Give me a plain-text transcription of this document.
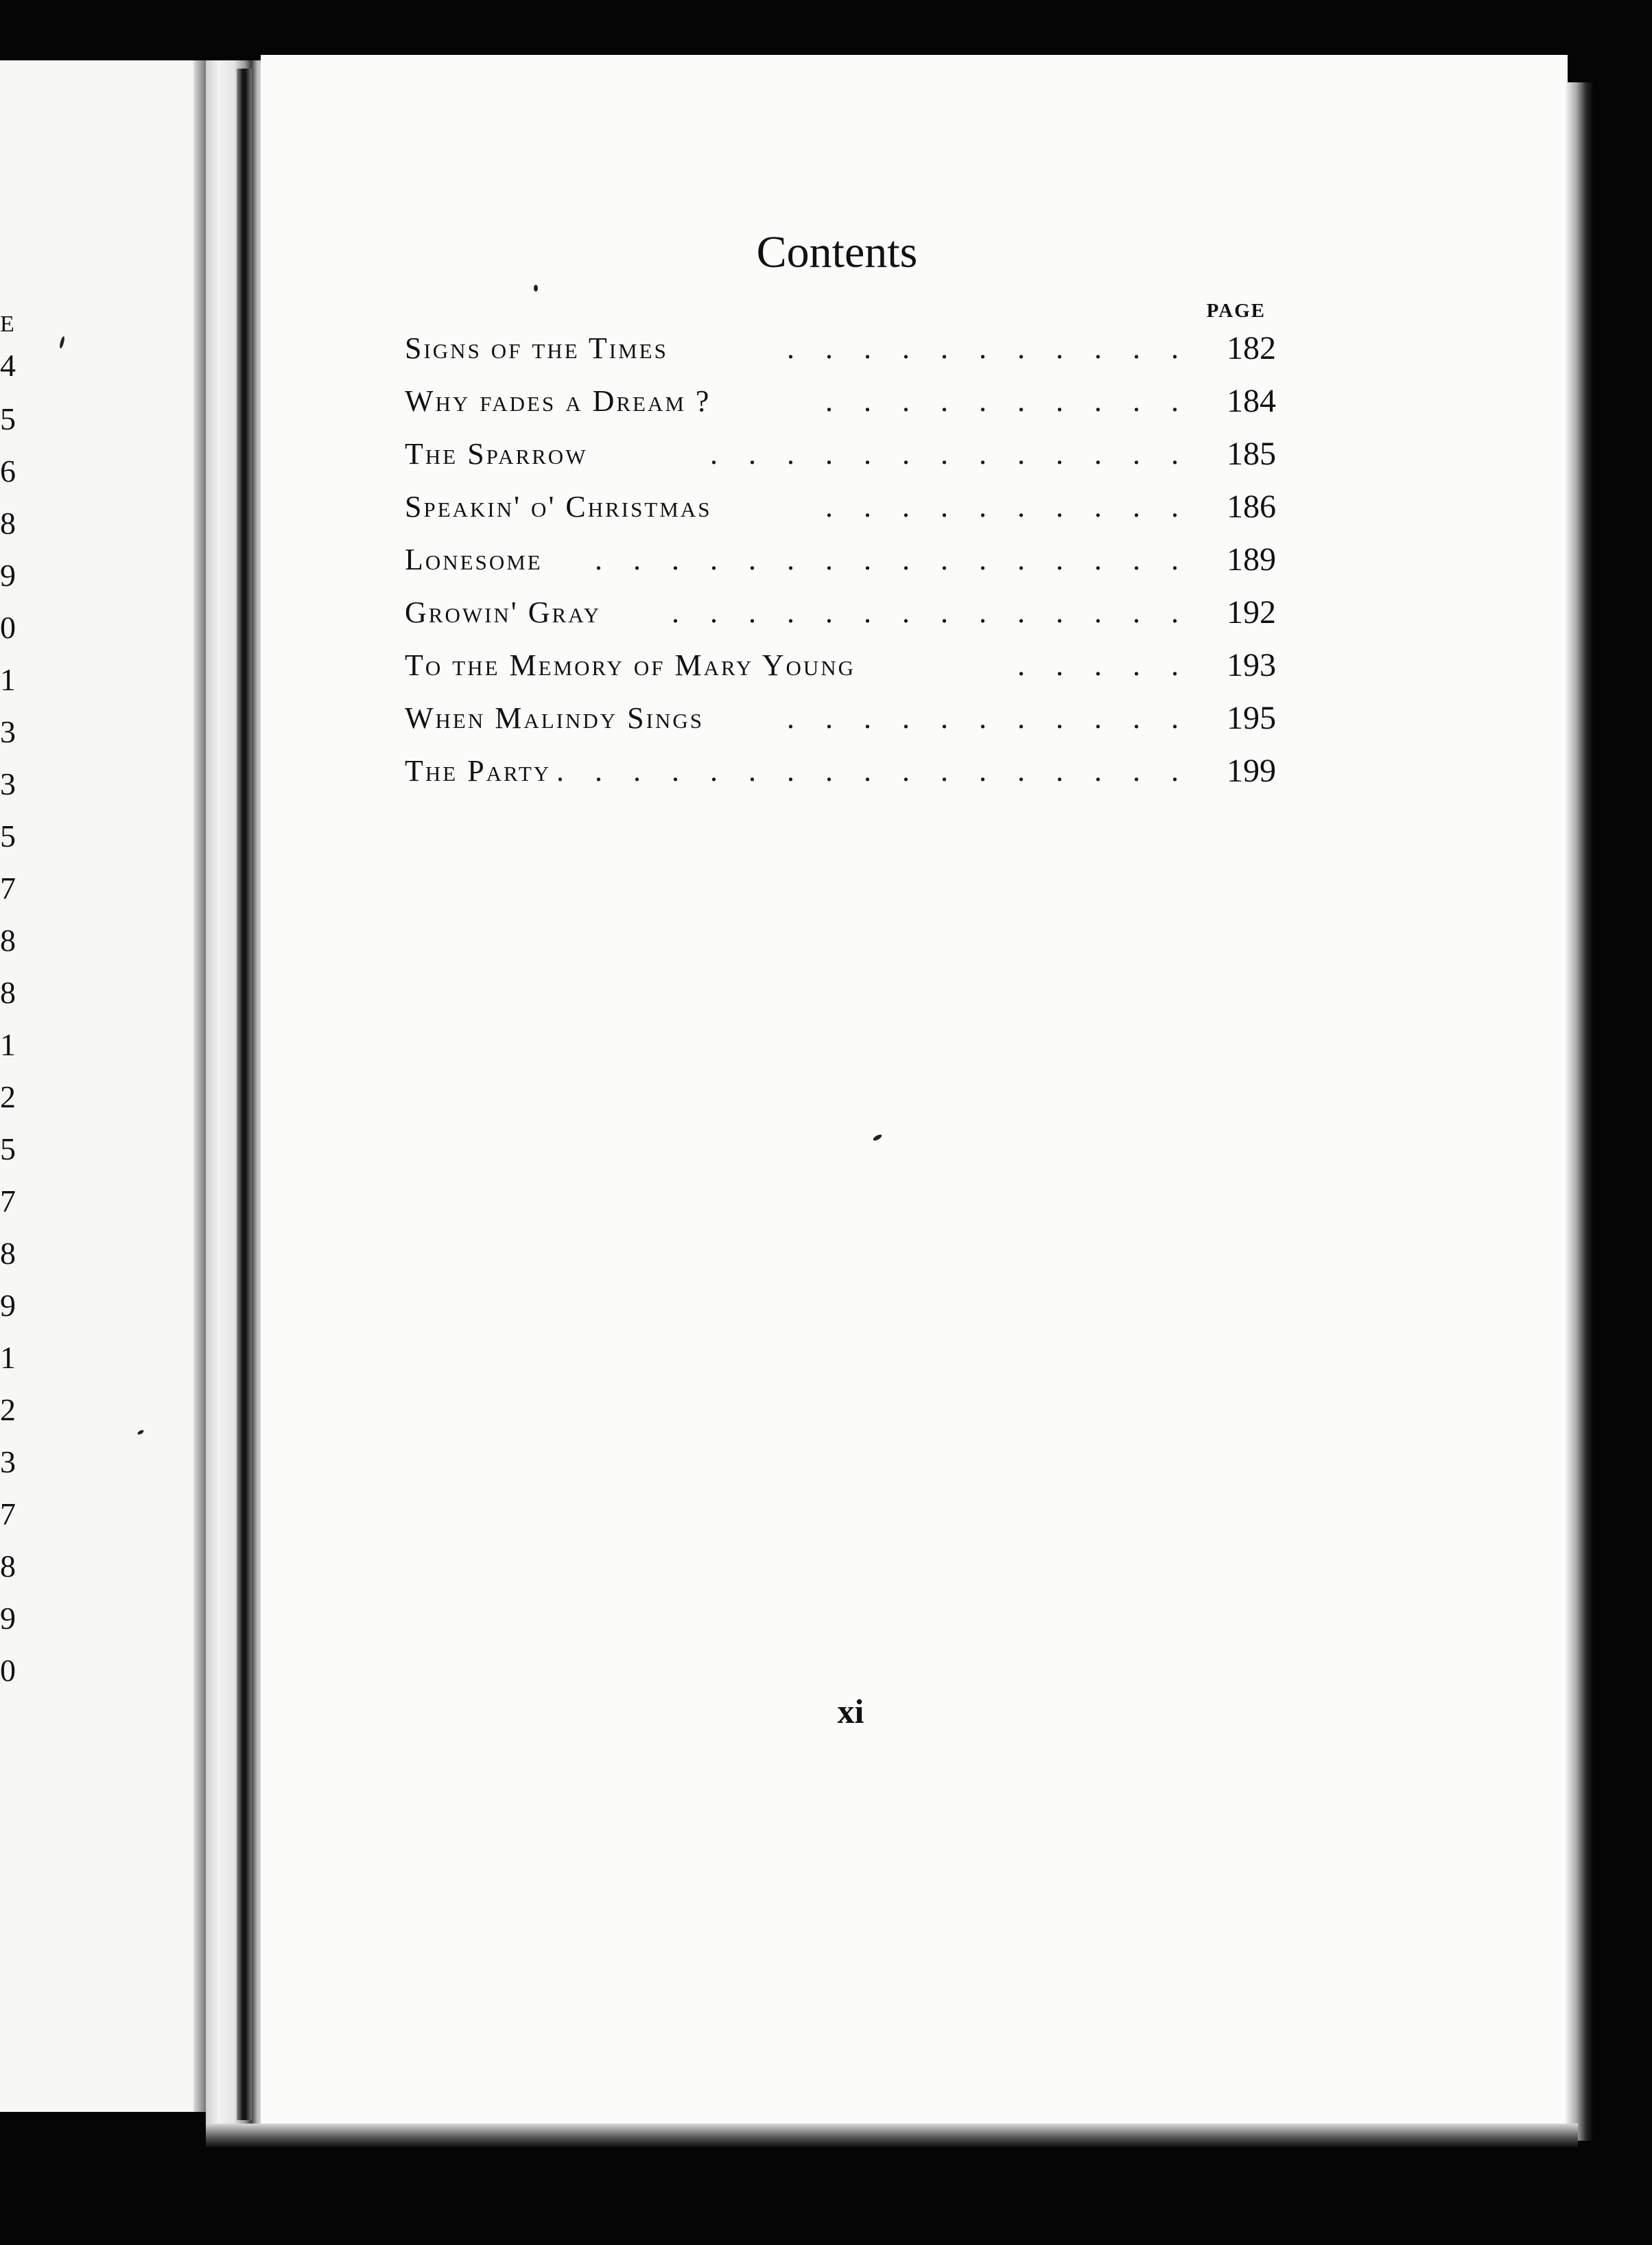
E
4
5
6
8
9
0
1
3
3
5
7
8
8
1
2
5
7
8
9
1
2
3
7
8
9
0
Contents
PAGE
Signs of the Times	. . . . . . . . . . .	182
Why fades a Dream ?	. . . . . . . . . .	184
The Sparrow	. . . . . . . . . . . . .	185
Speakin' o' Christmas	. . . . . . . . . .	186
Lonesome . . . . . . . . . . . . . . . .	189
Growin' Gray . . . . . . . . . . . . . .	192
To the Memory of Mary Young	. . . . .	193
When Malindy Sings	. . . . . . . . . . .	195
The Party . . . . . . . . . . . . . . . . .	199
xi
